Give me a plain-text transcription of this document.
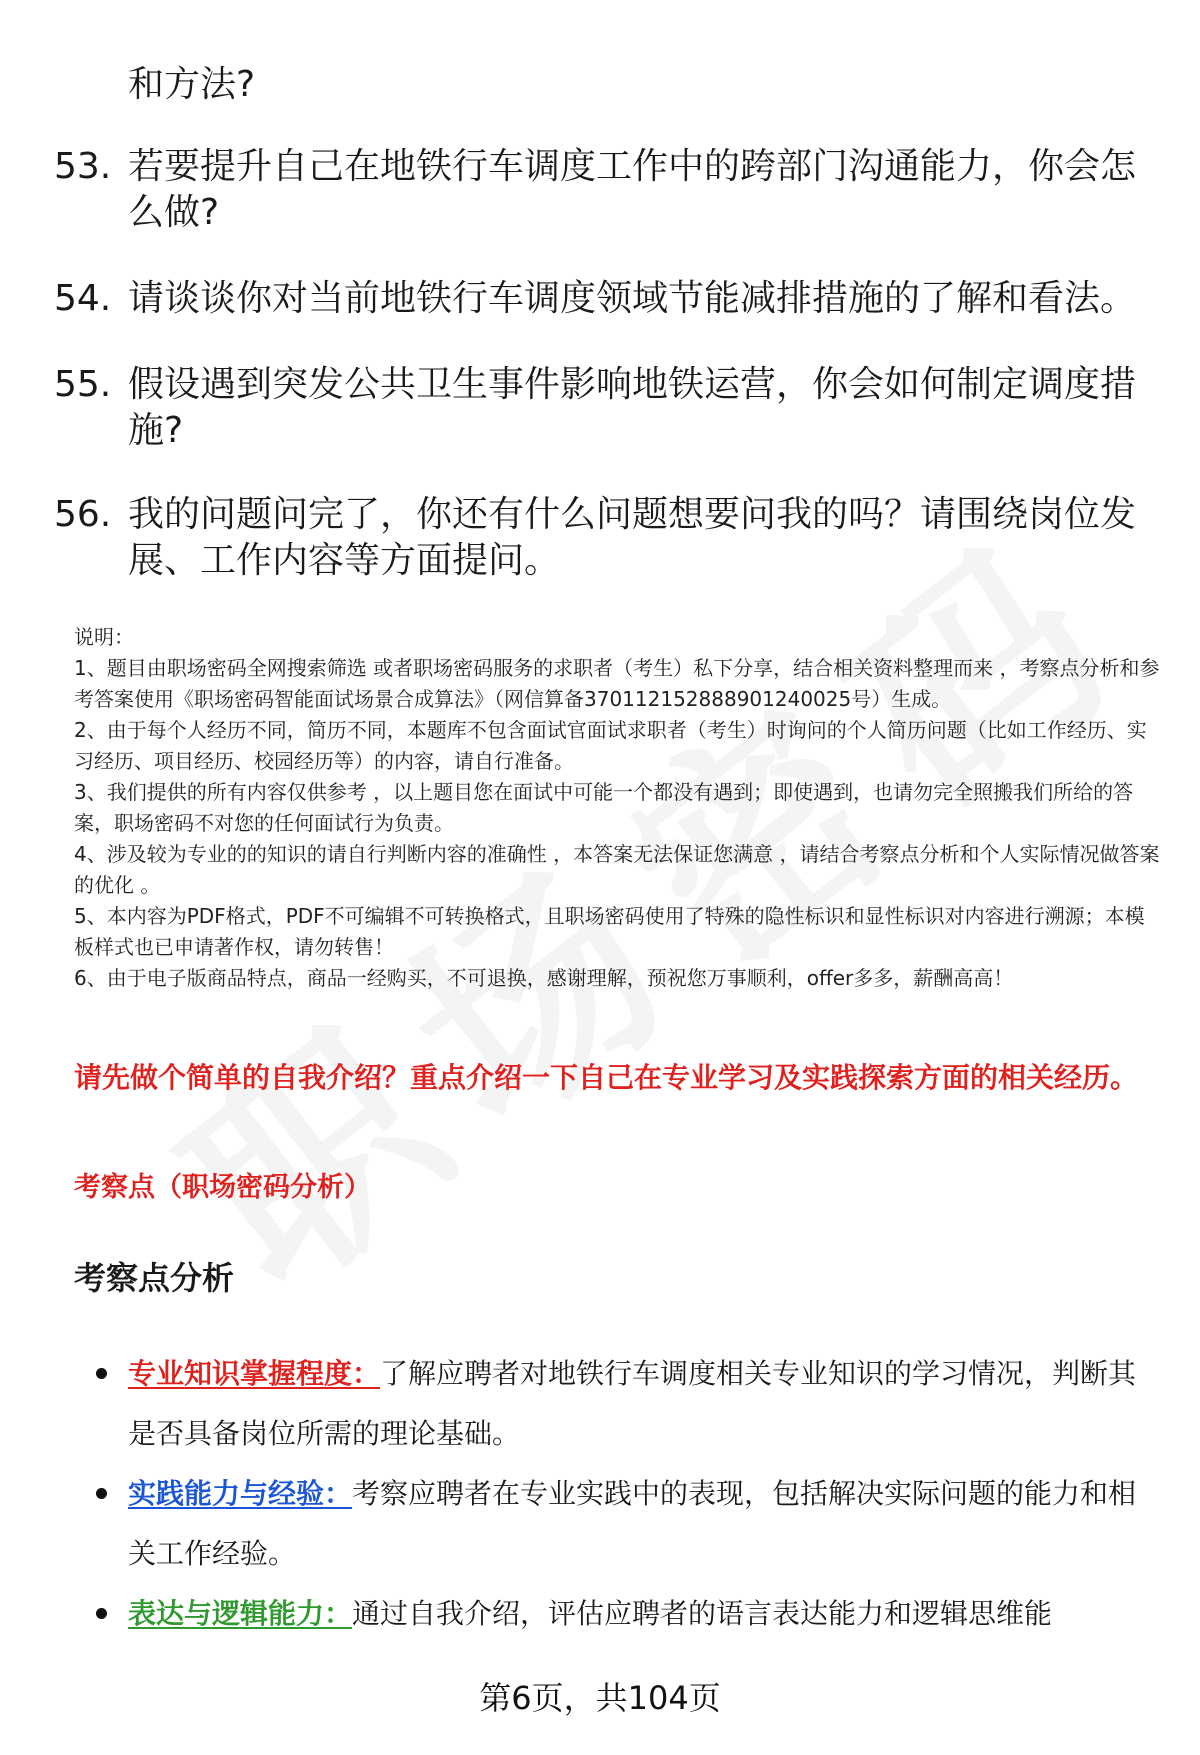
和方法?
53. 若要提升自己在地铁行车调度工作中的跨部门沟通能力，你会怎么做?
54. 请谈谈你对当前地铁行车调度领域节能减排措施的了解和看法。
55. 假设遇到突发公共卫生事件影响地铁运营，你会如何制定调度措施?
56. 我的问题问完了，你还有什么问题想要问我的吗？请围绕岗位发展、工作内容等方面提问。

说明：

1、题目由职场密码全网搜索筛选 或者职场密码服务的求职者（考生）私下分享，结合相关资料整理而来 ，考察点分析和参考答案使用《职场密码智能面试场景合成算法》（网信算备370112152888901240025号）生成。

2、由于每个人经历不同，简历不同，本题库不包含面试官面试求职者（考生）时询问的个人简历问题（比如工作经历、实习经历、项目经历、校园经历等）的内容，请自行准备。

3、我们提供的所有内容仅供参考 ，以上题目您在面试中可能一个都没有遇到；即使遇到，也请勿完全照搬我们所给的答案，职场密码不对您的任何面试行为负责。

4、涉及较为专业的的知识的请自行判断内容的准确性 ，本答案无法保证您满意 ，请结合考察点分析和个人实际情况做答案的优化 。

5、本内容为PDF格式，PDF不可编辑不可转换格式，且职场密码使用了特殊的隐性标识和显性标识对内容进行溯源；本模板样式也已申请著作权，请勿转售！

6、由于电子版商品特点，商品一经购买，不可退换，感谢理解，预祝您万事顺利，offer多多，薪酬高高！

请先做个简单的自我介绍？重点介绍一下自己在专业学习及实践探索方面的相关经历。
考察点（职场密码分析）
考察点分析
专业知识掌握程度：了解应聘者对地铁行车调度相关专业知识的学习情况，判断其是否具备岗位所需的理论基础。
实践能力与经验：考察应聘者在专业实践中的表现，包括解决实际问题的能力和相关工作经验。
表达与逻辑能力：通过自我介绍，评估应聘者的语言表达能力和逻辑思维能
第6页，共104页
